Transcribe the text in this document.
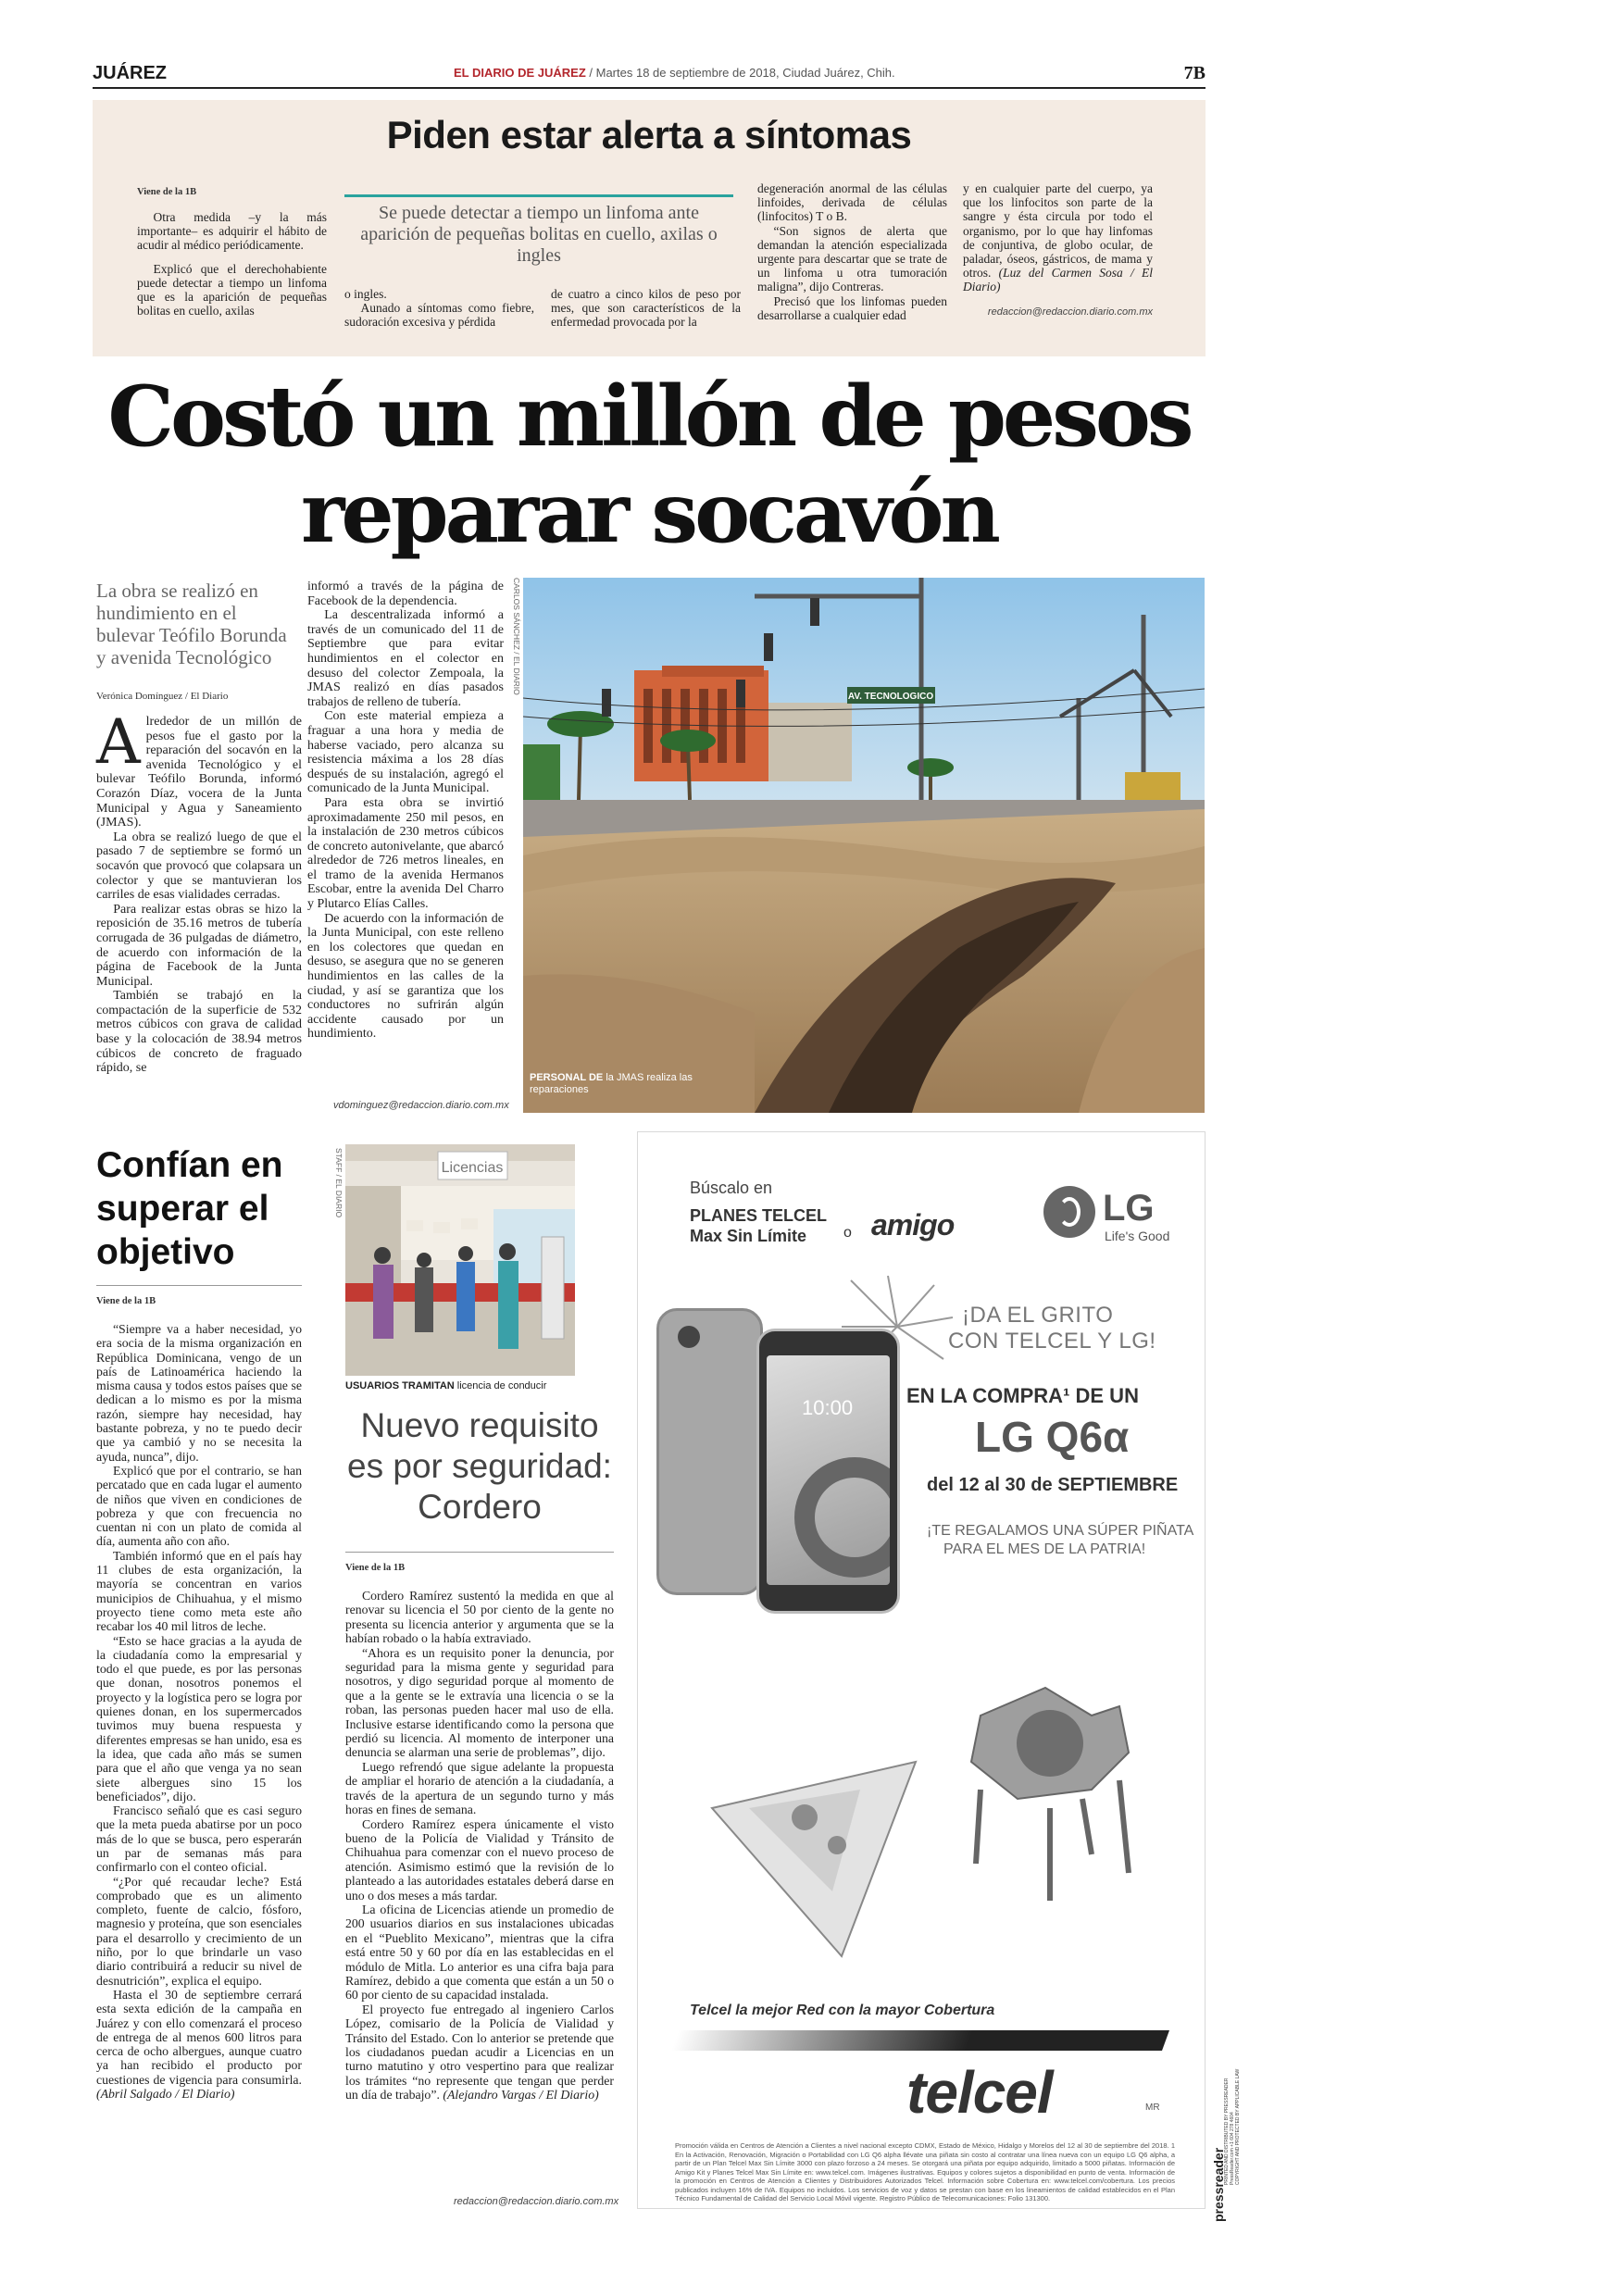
JUÁREZ	EL DIARIO DE JUÁREZ / Martes 18 de septiembre de 2018, Ciudad Juárez, Chih.	7B
Piden estar alerta a síntomas
Viene de la 1B

Otra medida –y la más importante– es adquirir el hábito de acudir al médico periódicamente.

Explicó que el derechohabiente puede detectar a tiempo un linfoma que es la aparición de pequeñas bolitas en cuello, axilas

Se puede detectar a tiempo un linfoma ante aparición de pequeñas bolitas en cuello, axilas o ingles

o ingles.

Aunado a síntomas como fiebre, sudoración excesiva y pérdida

de cuatro a cinco kilos de peso por mes, que son característicos de la enfermedad provocada por la

degeneración anormal de las células linfoides, derivada de células (linfocitos) T o B.

“Son signos de alerta que demandan la atención especializada urgente para descartar que se trate de un linfoma u otra tumoración maligna”, dijo Contreras.

Precisó que los linfomas pueden desarrollarse a cualquier edad

y en cualquier parte del cuerpo, ya que los linfocitos son parte de la sangre y ésta circula por todo el organismo, por lo que hay linfomas de conjuntiva, de globo ocular, de paladar, óseos, gástricos, de mama y otros. (Luz del Carmen Sosa / El Diario)

redaccion@redaccion.diario.com.mx
Costó un millón de pesos
reparar socavón
La obra se realizó en hundimiento en el bulevar Teófilo Borunda y avenida Tecnológico
Verónica Domínguez / El Diario

Alrededor de un millón de pesos fue el gasto por la reparación del socavón en la avenida Tecnológico y el bulevar Teófilo Borunda, informó Corazón Díaz, vocera de la Junta Municipal y Agua y Saneamiento (JMAS).

La obra se realizó luego de que el pasado 7 de septiembre se formó un socavón que provocó que colapsara un colector y que se mantuvieran los carriles de esas vialidades cerradas.

Para realizar estas obras se hizo la reposición de 35.16 metros de tubería corrugada de 36 pulgadas de diámetro, de acuerdo con información de la página de Facebook de la Junta Municipal.

También se trabajó en la compactación de la superficie de 532 metros cúbicos con grava de calidad base y la colocación de 38.94 metros cúbicos de concreto de fraguado rápido, se

informó a través de la página de Facebook de la dependencia.

La descentralizada informó a través de un comunicado del 11 de Septiembre que para evitar hundimientos en el colector en desuso del colector Zempoala, la JMAS realizó en días pasados trabajos de relleno de tubería.

Con este material empieza a fraguar a una hora y media de haberse vaciado, pero alcanza su resistencia máxima a los 28 días después de su instalación, agregó el comunicado de la Junta Municipal.

Para esta obra se invirtió aproximadamente 250 mil pesos, en la instalación de 230 metros cúbicos de concreto autonivelante, que abarcó alrededor de 726 metros lineales, en el tramo de la avenida Hermanos Escobar, entre la avenida Del Charro y Plutarco Elías Calles.

De acuerdo con la información de la Junta Municipal, con este relleno en los colectores que quedan en desuso, se asegura que no se generen hundimientos en las calles de la ciudad, y así se garantiza que los conductores no sufrirán algún accidente causado por un hundimiento.

vdominguez@redaccion.diario.com.mx
CARLOS SÁNCHEZ / EL DIARIO
AV. TECNOLOGICO
PERSONAL DE la JMAS realiza las reparaciones
Confían en superar el objetivo
Viene de la 1B

“Siempre va a haber necesidad, yo era socia de la misma organización en República Dominicana, vengo de un país de Latinoamérica haciendo la misma causa y todos estos países que se dedican a lo mismo es por la misma razón, siempre hay necesidad, hay bastante pobreza, y no te puedo decir que ya cambió y no se necesita la ayuda, nunca”, dijo.

Explicó que por el contrario, se han percatado que en cada lugar el aumento de niños que viven en condiciones de pobreza y que con frecuencia no cuentan ni con un plato de comida al día, aumenta año con año.

También informó que en el país hay 11 clubes de esta organización, la mayoría se concentran en varios municipios de Chihuahua, y el mismo proyecto tiene como meta este año recabar los 40 mil litros de leche.

“Esto se hace gracias a la ayuda de la ciudadanía como la empresarial y todo el que puede, es por las personas que donan, nosotros ponemos el proyecto y la logística pero se logra por quienes donan, en los supermercados tuvimos muy buena respuesta y diferentes empresas se han unido, esa es la idea, que cada año más se sumen para que el año que venga ya no sean siete albergues sino 15 los beneficiados”, dijo.

Francisco señaló que es casi seguro que la meta pueda abatirse por un poco más de lo que se busca, pero esperarán un par de semanas más para confirmarlo con el conteo oficial.

“¿Por qué recaudar leche? Está comprobado que es un alimento completo, fuente de calcio, fósforo, magnesio y proteína, que son esenciales para el desarrollo y crecimiento de un niño, por lo que brindarle un vaso diario contribuirá a reducir su nivel de desnutrición”, explica el equipo.

Hasta el 30 de septiembre cerrará esta sexta edición de la campaña en Juárez y con ello comenzará el proceso de entrega de al menos 600 litros para cerca de ocho albergues, aunque cuatro ya han recibido el producto por cuestiones de vigencia para consumirla. (Abril Salgado / El Diario)

STAFF / EL DIARIO	Licencias
USUARIOS TRAMITAN licencia de conducir
Nuevo requisito es por seguridad: Cordero
Viene de la 1B

Cordero Ramírez sustentó la medida en que al renovar su licencia el 50 por ciento de la gente no presenta su licencia anterior y argumenta que se la habían robado o la había extraviado.

“Ahora es un requisito poner la denuncia, por seguridad para la misma gente y seguridad para nosotros, y digo seguridad porque al momento de que a la gente se le extravía una licencia o se la roban, las personas pueden hacer mal uso de ella. Inclusive estarse identificando como la persona que perdió su licencia. Al momento de interponer una denuncia se alarman una serie de problemas”, dijo.

Luego refrendó que sigue adelante la propuesta de ampliar el horario de atención a la ciudadanía, a través de la apertura de un segundo turno y más horas en fines de semana.

Cordero Ramírez espera únicamente el visto bueno de la Policía de Vialidad y Tránsito de Chihuahua para comenzar con el nuevo proceso de atención. Asimismo estimó que la revisión de lo planteado a las autoridades estatales deberá darse en uno o dos meses a más tardar.

La oficina de Licencias atiende un promedio de 200 usuarios diarios en sus instalaciones ubicadas en el “Pueblito Mexicano”, mientras que la cifra está entre 50 y 60 por día en las establecidas en el módulo de Mitla. Lo anterior es una cifra baja para Ramírez, debido a que comenta que están a un 50 o 60 por ciento de su capacidad instalada.

El proyecto fue entregado al ingeniero Carlos López, comisario de la Policía de Vialidad y Tránsito del Estado. Con lo anterior se pretende que los ciudadanos puedan acudir a Licencias en un turno matutino y otro vespertino para que realizar los trámites “no represente que tengan que perder un día de trabajo”. (Alejandro Vargas / El Diario)

redaccion@redaccion.diario.com.mx
Búscalo en
PLANES TELCEL
Max Sin Límite o amigo	LG
Life's Good
¡DA EL GRITO
CON TELCEL Y LG!
EN LA COMPRA¹ DE UN
LG Q6α
del 12 al 30 de SEPTIEMBRE
¡TE REGALAMOS UNA SÚPER PIÑATA
PARA EL MES DE LA PATRIA!
10:00
Telcel la mejor Red con la mayor Cobertura
telcel	MR
Promoción válida en Centros de Atención a Clientes a nivel nacional excepto CDMX, Estado de México, Hidalgo y Morelos del 12 al 30 de septiembre del 2018. 1 En la Activación, Renovación, Migración o Portabilidad con LG Q6 alpha llévate una piñata sin costo al contratar una línea nueva con un equipo LG Q6 alpha, a partir de un Plan Telcel Max Sin Límite 3000 con plazo forzoso a 24 meses. Se otorgará una piñata por equipo adquirido, limitado a 5000 piñatas. Información de Amigo Kit y Planes Telcel Max Sin Límite en: www.telcel.com. Imágenes ilustrativas. Equipos y colores sujetos a disponibilidad en punto de venta. Información de la promoción en Centros de Atención a Clientes y Distribuidores Autorizados Telcel. Información sobre Cobertura en: www.telcel.com/cobertura. Los precios publicados incluyen 16% de IVA. Equipos no incluidos. Los servicios de voz y datos se prestan con base en los lineamientos de calidad establecidos en el Plan Técnico Fundamental de Calidad del Servicio Local Móvil vigente. Registro Público de Telecomunicaciones: Folio 131300.	pressreader
PRINTED AND DISTRIBUTED BY PRESSREADER PressReader.com +1 604 278 4604 COPYRIGHT AND PROTECTED BY APPLICABLE LAW
